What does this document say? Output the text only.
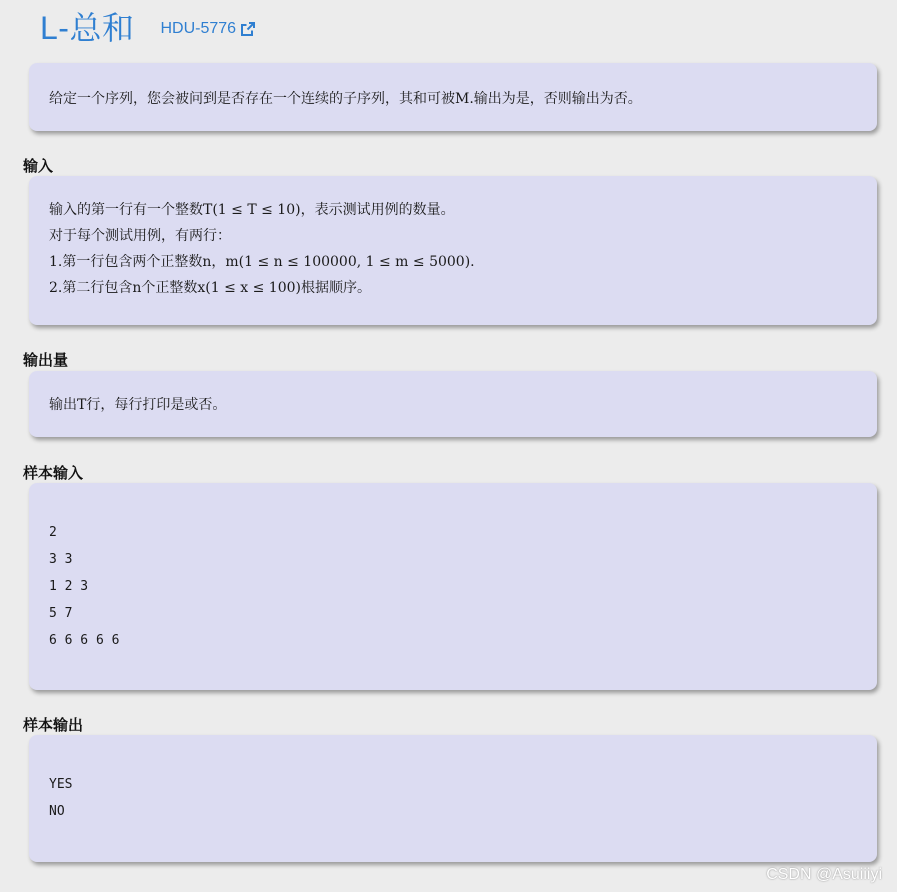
L-总和 HDU-5776
给定一个序列，您会被问到是否存在一个连续的子序列，其和可被M.输出为是，否则输出为否。
输入
输入的第一行有一个整数T(1 ≤ T ≤ 10)，表示测试用例的数量。
对于每个测试用例，有两行：
1.第一行包含两个正整数n，m(1 ≤ n ≤ 100000, 1 ≤ m ≤ 5000).
2.第二行包含n个正整数x(1 ≤ x ≤ 100)根据顺序。
输出量
输出T行，每行打印是或否。
样本输入
2
3 3
1 2 3
5 7
6 6 6 6 6
样本输出
YES
NO
CSDN @Asuiiiyi
